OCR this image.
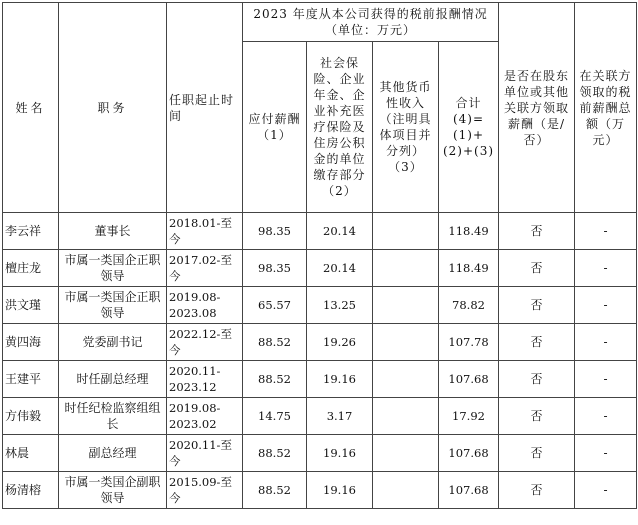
姓名	职务	任职起止时间	2023 年度从本公司获得的税前报酬情况（单位：万元）				是否在股东单位或其他关联方领取薪酬（是/否）	在关联方领取的税前薪酬总额（万元）
			应付薪酬（1）	社会保险、企业年金、企业补充医疗保险及住房公积金的单位缴存部分（2）	其他货币性收入（注明具体项目并分列）（3）	合计(4)=(1)+(2)+(3)		
李云祥	董事长	2018.01-至今	98.35	20.14		118.49	否	-
檀庄龙	市属一类国企正职领导	2017.02-至今	98.35	20.14		118.49	否	-
洪文瑾	市属一类国企正职领导	2019.08-2023.08	65.57	13.25		78.82	否	-
黄四海	党委副书记	2022.12-至今	88.52	19.26		107.78	否	-
王建平	时任副总经理	2020.11-2023.12	88.52	19.16		107.68	否	-
方伟毅	时任纪检监察组组长	2019.08-2023.02	14.75	3.17		17.92	否	-
林晨	副总经理	2020.11-至今	88.52	19.16		107.68	否	-
杨清榕	市属一类国企副职领导	2015.09-至今	88.52	19.16		107.68	否	-
